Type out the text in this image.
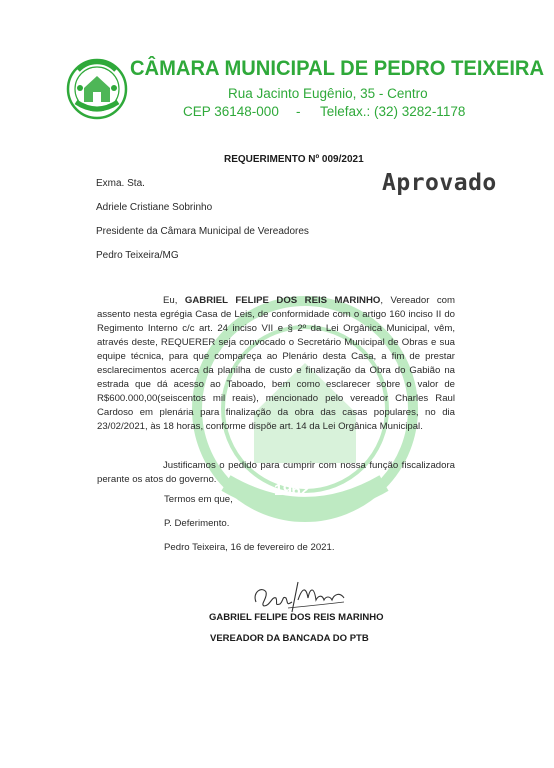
CÂMARA MUNICIPAL DE PEDRO TEIXEIRA
Rua Jacinto Eugênio, 35 - Centro
CEP 36148-000 - Telefax.: (32) 3282-1178
1962
REQUERIMENTO Nº 009/2021
Aprovado
Exma. Sta.
Adriele Cristiane Sobrinho
Presidente da Câmara Municipal de Vereadores
Pedro Teixeira/MG
Eu, GABRIEL FELIPE DOS REIS MARINHO, Vereador com assento nesta egrégia Casa de Leis, de conformidade com o artigo 160 inciso II do Regimento Interno c/c art. 24 inciso VII e § 2º da Lei Orgânica Municipal, vêm, através deste, REQUERER seja convocado o Secretário Municipal de Obras e sua equipe técnica, para que compareça ao Plenário desta Casa, a fim de prestar esclarecimentos acerca da planilha de custo e finalização da Obra do Gabião na estrada que dá acesso ao Taboado, bem como esclarecer sobre o valor de R$600.000,00(seiscentos mil reais), mencionado pelo vereador Charles Raul Cardoso em plenária para finalização da obra das casas populares, no dia 23/02/2021, às 18 horas, conforme dispõe art. 14 da Lei Orgânica Municipal.
Justificamos o pedido para cumprir com nossa função fiscalizadora perante os atos do governo.
Termos em que,
P. Deferimento.
Pedro Teixeira, 16 de fevereiro de 2021.
GABRIEL FELIPE DOS REIS MARINHO
VEREADOR DA BANCADA DO PTB
